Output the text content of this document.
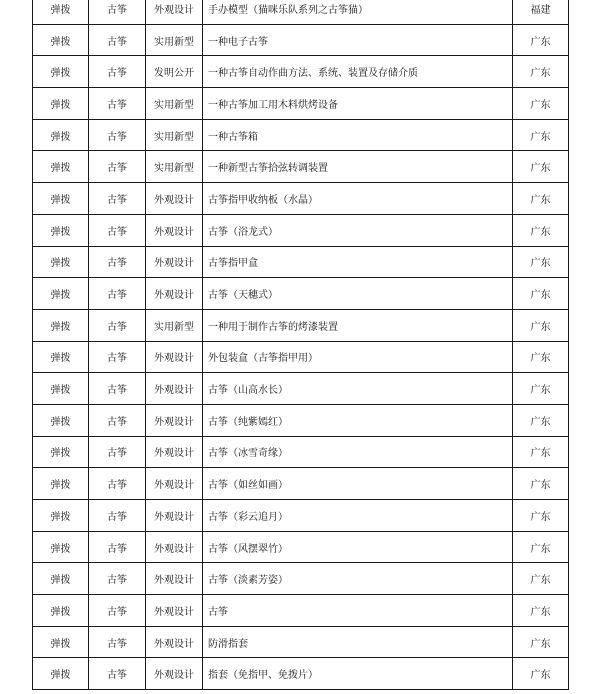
弹拨	古筝	外观设计	手办模型（猫咪乐队系列之古筝猫）	福建
弹拨	古筝	实用新型	一种电子古筝	广东
弹拨	古筝	发明公开	一种古筝自动作曲方法、系统、装置及存储介质	广东
弹拨	古筝	实用新型	一种古筝加工用木料烘烤设备	广东
弹拨	古筝	实用新型	一种古筝箱	广东
弹拨	古筝	实用新型	一种新型古筝拾弦转调装置	广东
弹拨	古筝	外观设计	古筝指甲收纳板（水晶）	广东
弹拨	古筝	外观设计	古筝（浴龙式）	广东
弹拨	古筝	外观设计	古筝指甲盒	广东
弹拨	古筝	外观设计	古筝（天穗式）	广东
弹拨	古筝	实用新型	一种用于制作古筝的烤漆装置	广东
弹拨	古筝	外观设计	外包装盒（古筝指甲用）	广东
弹拨	古筝	外观设计	古筝（山高水长）	广东
弹拨	古筝	外观设计	古筝（纯紫嫣红）	广东
弹拨	古筝	外观设计	古筝（冰雪奇缘）	广东
弹拨	古筝	外观设计	古筝（如丝如画）	广东
弹拨	古筝	外观设计	古筝（彩云追月）	广东
弹拨	古筝	外观设计	古筝（风摆翠竹）	广东
弹拨	古筝	外观设计	古筝（淡素芳姿）	广东
弹拨	古筝	外观设计	古筝	广东
弹拨	古筝	外观设计	防滑指套	广东
弹拨	古筝	外观设计	指套（免指甲、免拨片）	广东
